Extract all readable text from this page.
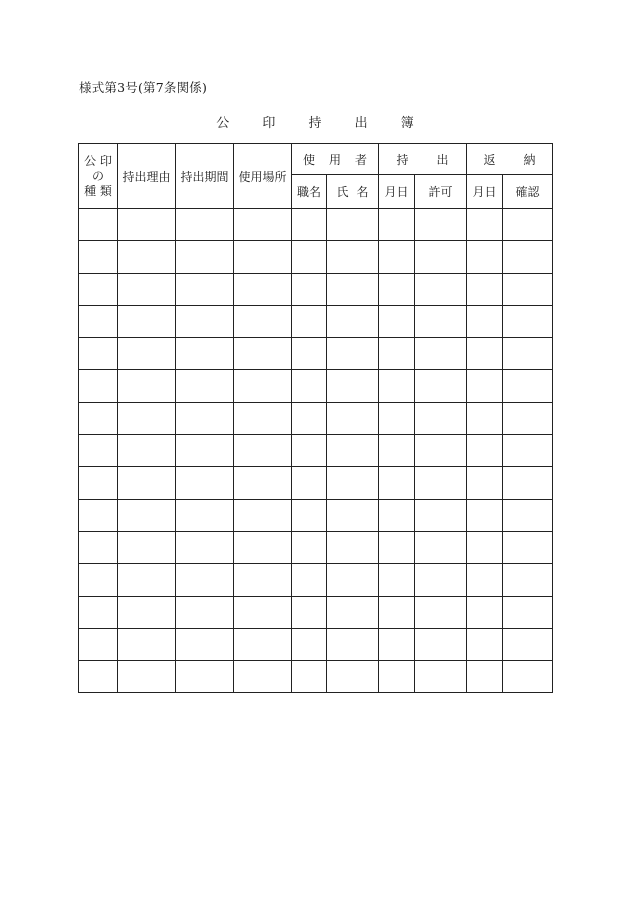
様式第3号(第7条関係)
公	印	持	出	簿
公 印
の
種 類	持出理由	持出期間	使用場所	使 用 者		持 出		返 納	
				職名	氏 名	月日	許可	月日	確認
